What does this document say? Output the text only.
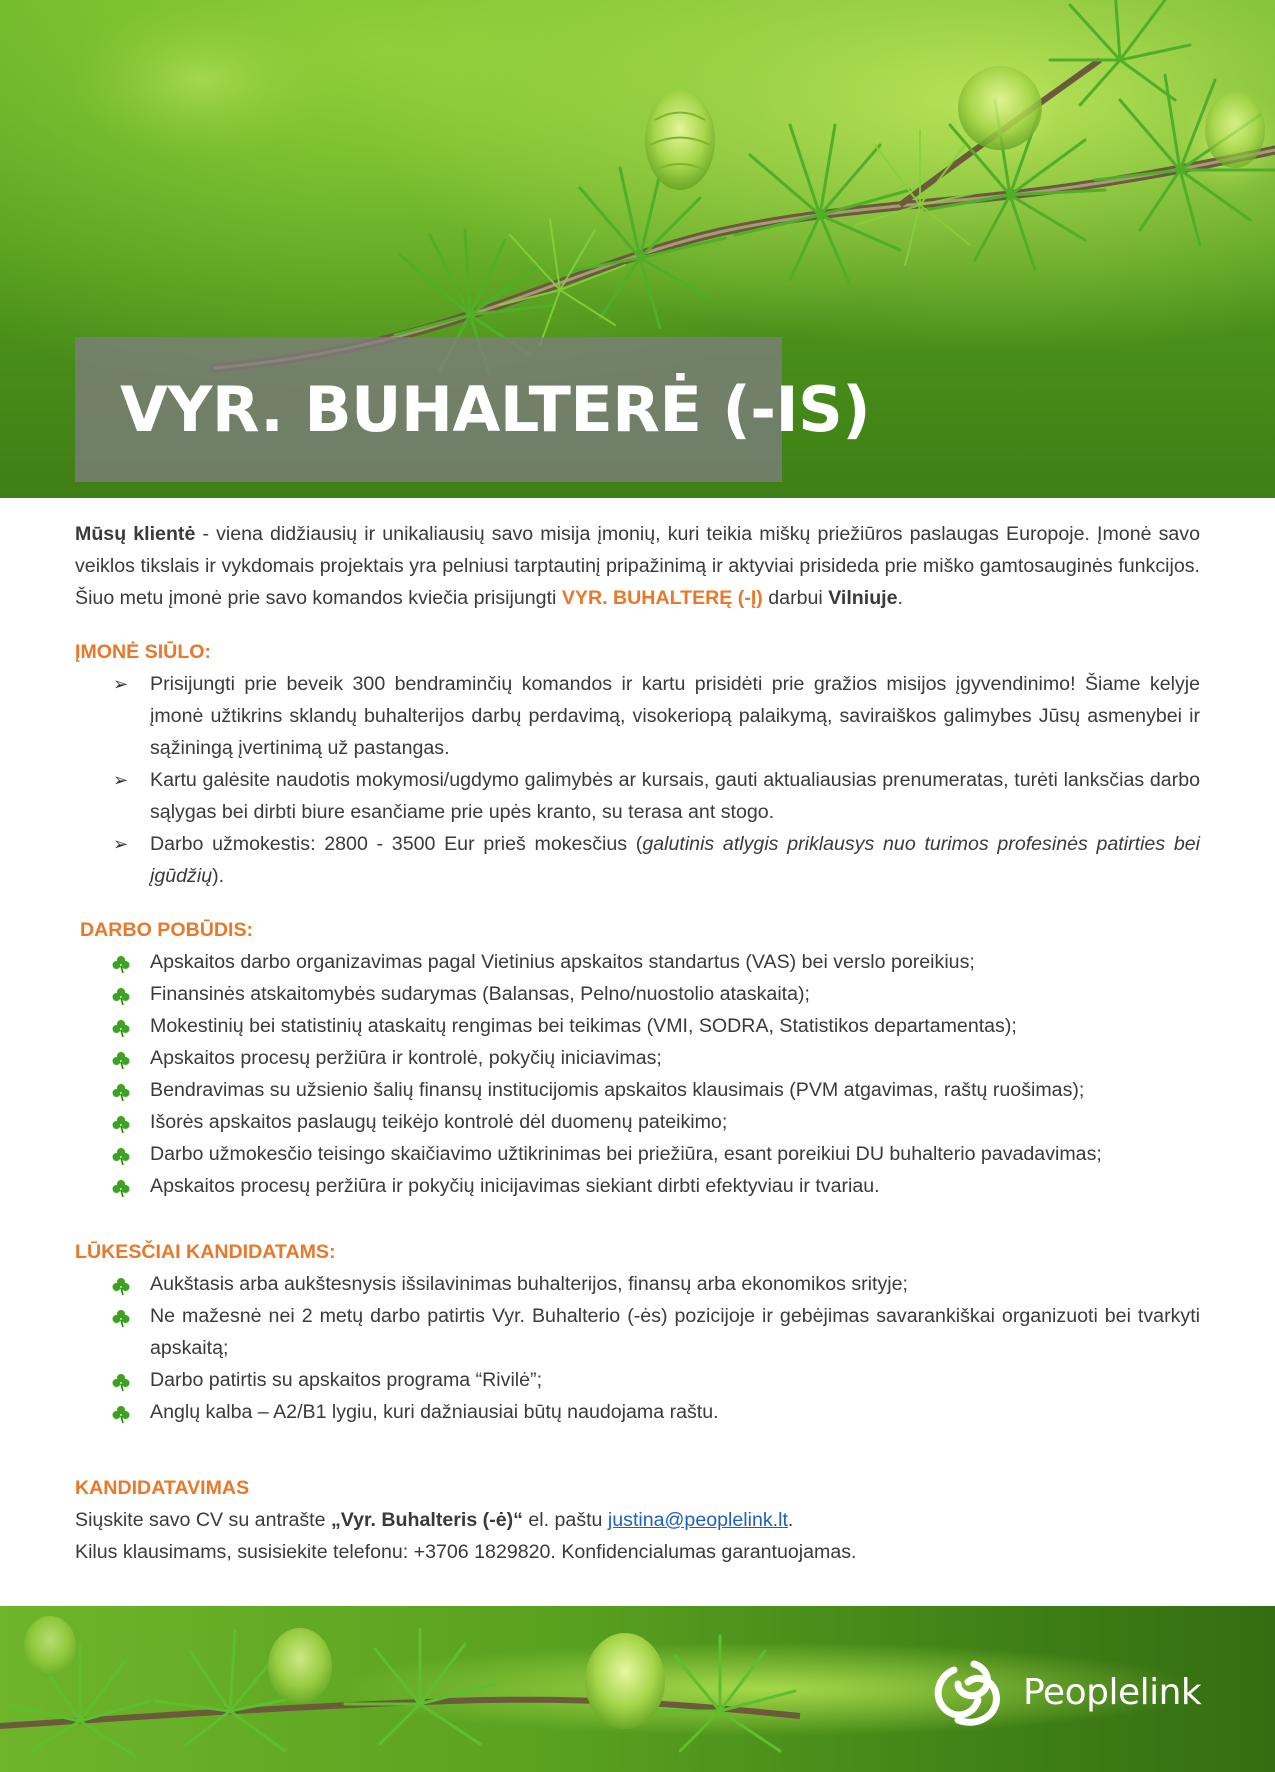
VYR. BUHALTERĖ (-IS)

Mūsų klientė - viena didžiausių ir unikaliausių savo misija įmonių, kuri teikia miškų priežiūros paslaugas Europoje. Įmonė savo veiklos tikslais ir vykdomais projektais yra pelniusi tarptautinį pripažinimą ir aktyviai prisideda prie miško gamtosauginės funkcijos. Šiuo metu įmonė prie savo komandos kviečia prisijungti VYR. BUHALTERĘ (-Į) darbui Vilniuje.

ĮMONĖ SIŪLO:
➢ Prisijungti prie beveik 300 bendraminčių komandos ir kartu prisidėti prie gražios misijos įgyvendinimo! Šiame kelyje įmonė užtikrins sklandų buhalterijos darbų perdavimą, visokeriopą palaikymą, saviraiškos galimybes Jūsų asmenybei ir sąžiningą įvertinimą už pastangas.
➢ Kartu galėsite naudotis mokymosi/ugdymo galimybės ar kursais, gauti aktualiausias prenumeratas, turėti lanksčias darbo sąlygas bei dirbti biure esančiame prie upės kranto, su terasa ant stogo.
➢ Darbo užmokestis: 2800 - 3500 Eur prieš mokesčius (galutinis atlygis priklausys nuo turimos profesinės patirties bei įgūdžių).
DARBO POBŪDIS:
Apskaitos darbo organizavimas pagal Vietinius apskaitos standartus (VAS) bei verslo poreikius;
Finansinės atskaitomybės sudarymas (Balansas, Pelno/nuostolio ataskaita);
Mokestinių bei statistinių ataskaitų rengimas bei teikimas (VMI, SODRA, Statistikos departamentas);
Apskaitos procesų peržiūra ir kontrolė, pokyčių iniciavimas;
Bendravimas su užsienio šalių finansų institucijomis apskaitos klausimais (PVM atgavimas, raštų ruošimas);
Išorės apskaitos paslaugų teikėjo kontrolė dėl duomenų pateikimo;
Darbo užmokesčio teisingo skaičiavimo užtikrinimas bei priežiūra, esant poreikiui DU buhalterio pavadavimas;
Apskaitos procesų peržiūra ir pokyčių inicijavimas siekiant dirbti efektyviau ir tvariau.
LŪKESČIAI KANDIDATAMS:
Aukštasis arba aukštesnysis išsilavinimas buhalterijos, finansų arba ekonomikos srityje;
Ne mažesnė nei 2 metų darbo patirtis Vyr. Buhalterio (-ės) pozicijoje ir gebėjimas savarankiškai organizuoti bei tvarkyti apskaitą;
Darbo patirtis su apskaitos programa “Rivilė”;
Anglų kalba – A2/B1 lygiu, kuri dažniausiai būtų naudojama raštu.
KANDIDATAVIMAS

Siųskite savo CV su antrašte „Vyr. Buhalteris (-ė)“ el. paštu justina@peoplelink.lt.

Kilus klausimams, susisiekite telefonu: +3706 1829820. Konfidencialumas garantuojamas.

Peoplelink
